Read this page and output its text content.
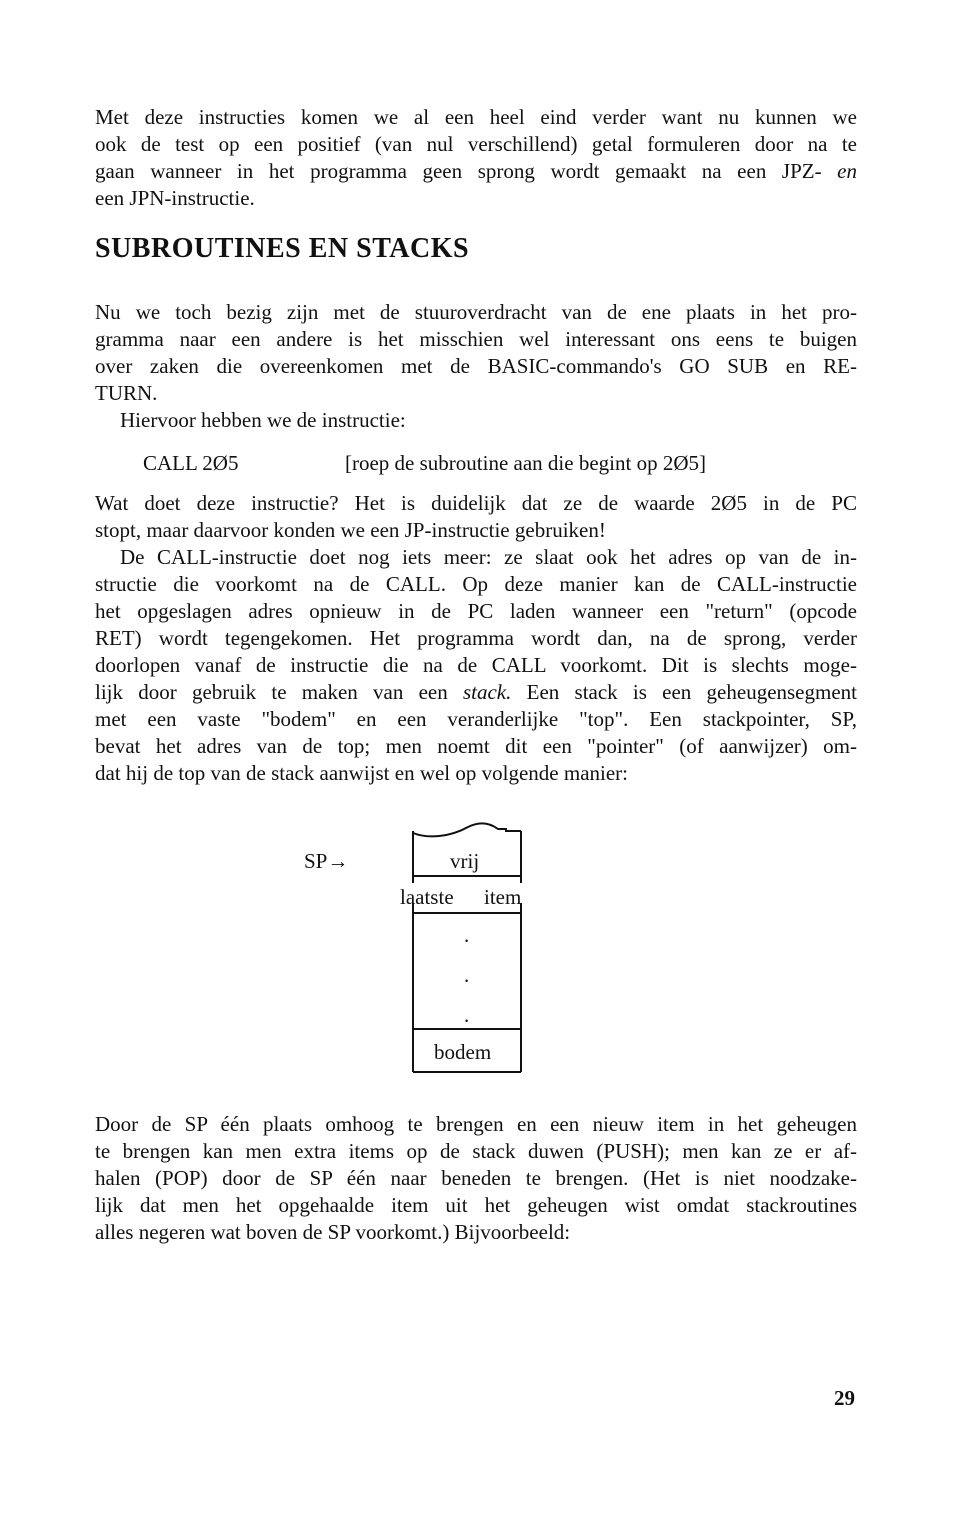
Met deze instructies komen we al een heel eind verder want nu kunnen we
ook de test op een positief (van nul verschillend) getal formuleren door na te
gaan wanneer in het programma geen sprong wordt gemaakt na een JPZ- en
een JPN-instructie.
SUBROUTINES EN STACKS
Nu we toch bezig zijn met de stuuroverdracht van de ene plaats in het pro-
gramma naar een andere is het misschien wel interessant ons eens te buigen
over zaken die overeenkomen met de BASIC-commando's GO SUB en RE-
TURN.
Hiervoor hebben we de instructie:
CALL 2Ø5	[roep de subroutine aan die begint op 2Ø5]
Wat doet deze instructie? Het is duidelijk dat ze de waarde 2Ø5 in de PC
stopt, maar daarvoor konden we een JP-instructie gebruiken!
De CALL-instructie doet nog iets meer: ze slaat ook het adres op van de in-
structie die voorkomt na de CALL. Op deze manier kan de CALL-instructie
het opgeslagen adres opnieuw in de PC laden wanneer een "return" (opcode
RET) wordt tegengekomen. Het programma wordt dan, na de sprong, verder
doorlopen vanaf de instructie die na de CALL voorkomt. Dit is slechts moge-
lijk door gebruik te maken van een stack. Een stack is een geheugensegment
met een vaste "bodem" en een veranderlijke "top". Een stackpointer, SP,
bevat het adres van de top; men noemt dit een "pointer" (of aanwijzer) om-
dat hij de top van de stack aanwijst en wel op volgende manier:
SP→	vrij
laatste item
.
.
.
bodem
Door de SP één plaats omhoog te brengen en een nieuw item in het geheugen
te brengen kan men extra items op de stack duwen (PUSH); men kan ze er af-
halen (POP) door de SP één naar beneden te brengen. (Het is niet noodzake-
lijk dat men het opgehaalde item uit het geheugen wist omdat stackroutines
alles negeren wat boven de SP voorkomt.) Bijvoorbeeld:
29
